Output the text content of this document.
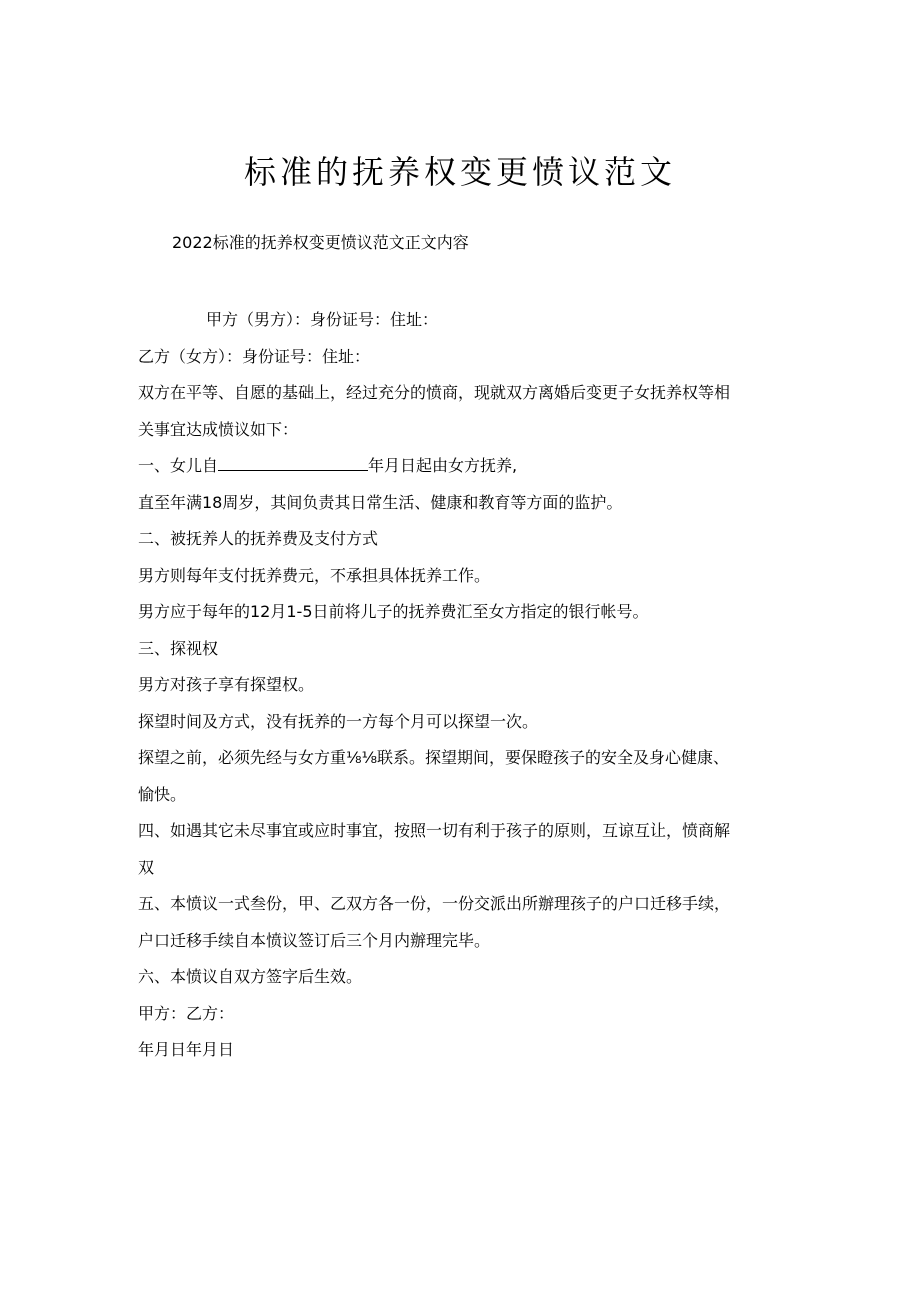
标准的抚养权变更愤议范文
2022标准的抚养权变更愤议范文正文内容

甲方（男方）：身份证号：住址：

乙方（女方）：身份证号：住址：

双方在平等、自愿的基础上，经过充分的愤商，现就双方离婚后变更子女抚养权等相

关事宜达成愤议如下：

一、女儿自	年月日起由女方抚养,

直至年满18周岁，其间负责其日常生活、健康和教育等方面的监护。

二、被抚养人的抚养费及支付方式

男方则每年支付抚养费元，不承担具体抚养工作。

男方应于每年的12月1-5日前将儿子的抚养费汇至女方指定的银行帐号。

三、探视权

男方对孩子享有探望权。

探望时间及方式，没有抚养的一方每个月可以探望一次。

探望之前，必须先经与女方重⅛⅛联系。探望期间，要保瞪孩子的安全及身心健康、

愉快。

四、如遇其它未尽事宜或应时事宜，按照一切有利于孩子的原则，互谅互让，愤商解

双

五、本愤议一式叁份，甲、乙双方各一份，一份交派出所辦理孩子的户口迁移手续，

户口迁移手续自本愤议签订后三个月内辦理完毕。

六、本愤议自双方签字后生效。

甲方：乙方：

年月日年月日
